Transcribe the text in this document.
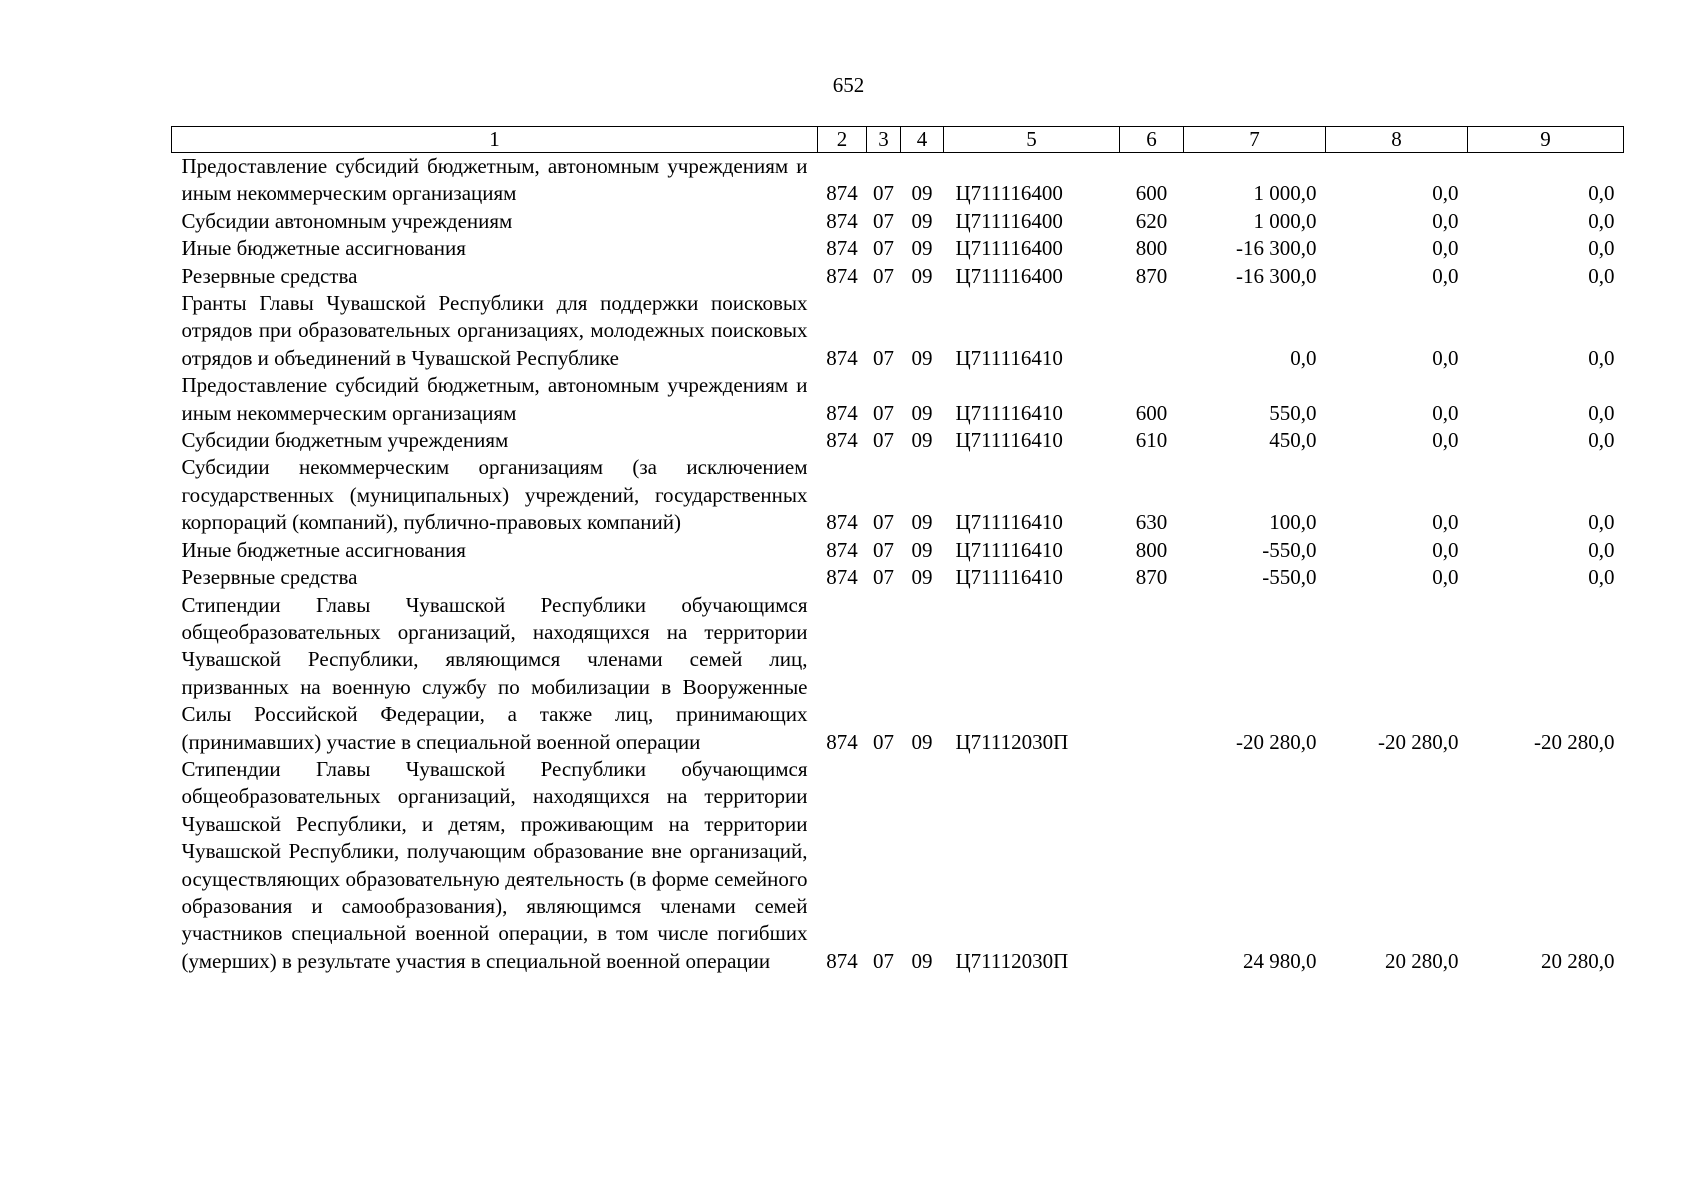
652
1	2	3	4	5	6	7	8	9
Предоставление субсидий бюджетным, автономным учреждениям и иным некоммерческим организациям	874	07	09	Ц711116400	600	1 000,0	0,0	0,0
Субсидии автономным учреждениям	874	07	09	Ц711116400	620	1 000,0	0,0	0,0
Иные бюджетные ассигнования	874	07	09	Ц711116400	800	-16 300,0	0,0	0,0
Резервные средства	874	07	09	Ц711116400	870	-16 300,0	0,0	0,0
Гранты Главы Чувашской Республики для поддержки поисковых отрядов при образовательных организациях, молодежных поисковых отрядов и объединений в Чувашской Республике	874	07	09	Ц711116410		0,0	0,0	0,0
Предоставление субсидий бюджетным, автономным учреждениям и иным некоммерческим организациям	874	07	09	Ц711116410	600	550,0	0,0	0,0
Субсидии бюджетным учреждениям	874	07	09	Ц711116410	610	450,0	0,0	0,0
Субсидии некоммерческим организациям (за исключением государственных (муниципальных) учреждений, государственных корпораций (компаний), публично-правовых компаний)	874	07	09	Ц711116410	630	100,0	0,0	0,0
Иные бюджетные ассигнования	874	07	09	Ц711116410	800	-550,0	0,0	0,0
Резервные средства	874	07	09	Ц711116410	870	-550,0	0,0	0,0
Стипендии Главы Чувашской Республики обучающимся общеобразовательных организаций, находящихся на территории Чувашской Республики, являющимся членами семей лиц, призванных на военную службу по мобилизации в Вооруженные Силы Российской Федерации, а также лиц, принимающих (принимавших) участие в специальной военной операции	874	07	09	Ц71112030П		-20 280,0	-20 280,0	-20 280,0
Стипендии Главы Чувашской Республики обучающимся общеобразовательных организаций, находящихся на территории Чувашской Республики, и детям, проживающим на территории Чувашской Республики, получающим образование вне организаций, осуществляющих образовательную деятельность (в форме семейного образования и самообразования), являющимся членами семей участников специальной военной операции, в том числе погибших (умерших) в результате участия в специальной военной операции	874	07	09	Ц71112030П		24 980,0	20 280,0	20 280,0
